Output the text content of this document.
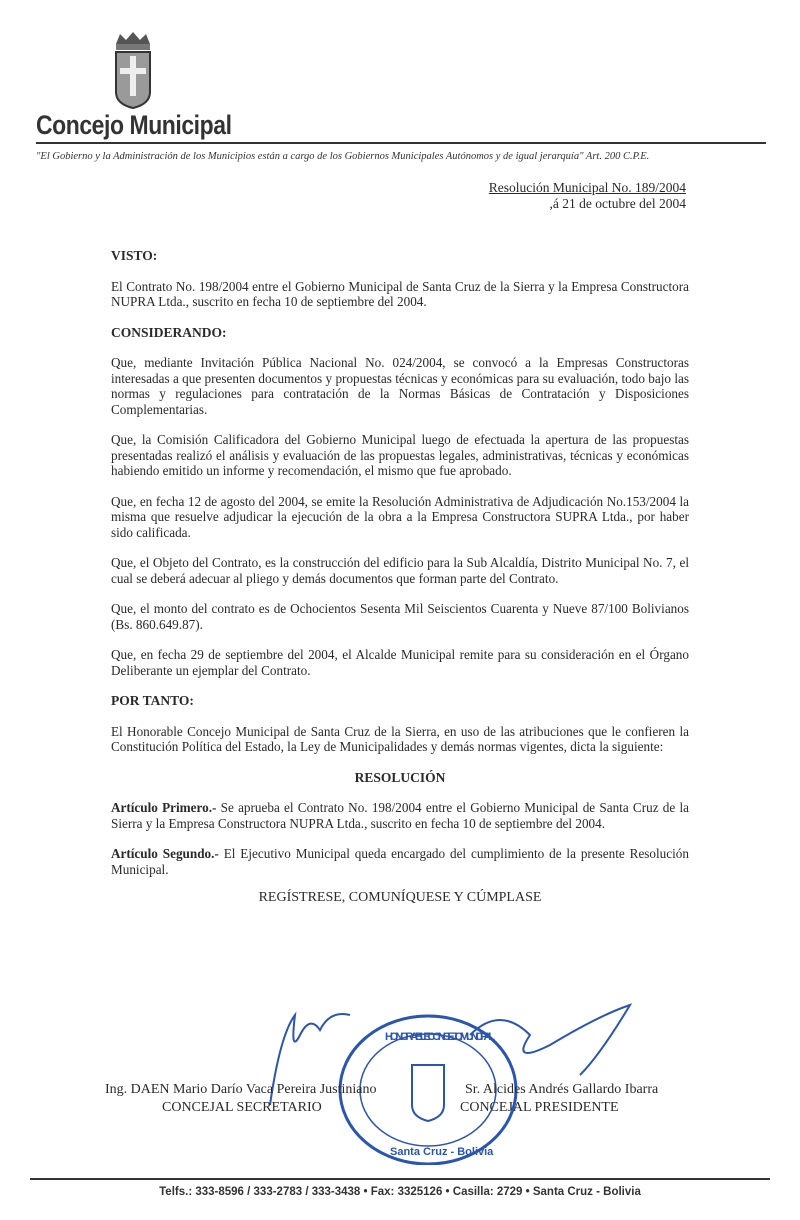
Concejo Municipal
"El Gobierno y la Administración de los Municipios están a cargo de los Gobiernos Municipales Autónomos y de igual jerarquía" Art. 200 C.P.E.
Resolución Municipal No. 189/2004
,á 21 de octubre del 2004

VISTO:

El Contrato No. 198/2004 entre el Gobierno Municipal de Santa Cruz de la Sierra y la Empresa Constructora NUPRA Ltda., suscrito en fecha 10 de septiembre del 2004.

CONSIDERANDO:

Que, mediante Invitación Pública Nacional No. 024/2004, se convocó a la Empresas Constructoras interesadas a que presenten documentos y propuestas técnicas y económicas para su evaluación, todo bajo las normas y regulaciones para contratación de la Normas Básicas de Contratación y Disposiciones Complementarias.

Que, la Comisión Calificadora del Gobierno Municipal luego de efectuada la apertura de las propuestas presentadas realizó el análisis y evaluación de las propuestas legales, administrativas, técnicas y económicas habiendo emitido un informe y recomendación, el mismo que fue aprobado.

Que, en fecha 12 de agosto del 2004, se emite la Resolución Administrativa de Adjudicación No.153/2004 la misma que resuelve adjudicar la ejecución de la obra a la Empresa Constructora SUPRA Ltda., por haber sido calificada.

Que, el Objeto del Contrato, es la construcción del edificio para la Sub Alcaldía, Distrito Municipal No. 7, el cual se deberá adecuar al pliego y demás documentos que forman parte del Contrato.

Que, el monto del contrato es de Ochocientos Sesenta Mil Seiscientos Cuarenta y Nueve 87/100 Bolivianos (Bs. 860.649.87).

Que, en fecha 29 de septiembre del 2004, el Alcalde Municipal remite para su consideración en el Órgano Deliberante un ejemplar del Contrato.

POR TANTO:

El Honorable Concejo Municipal de Santa Cruz de la Sierra, en uso de las atribuciones que le confieren la Constitución Política del Estado, la Ley de Municipalidades y demás normas vigentes, dicta la siguiente:

RESOLUCIÓN

Artículo Primero.- Se aprueba el Contrato No. 198/2004 entre el Gobierno Municipal de Santa Cruz de la Sierra y la Empresa Constructora NUPRA Ltda., suscrito en fecha 10 de septiembre del 2004.

Artículo Segundo.- El Ejecutivo Municipal queda encargado del cumplimiento de la presente Resolución Municipal.

REGÍSTRESE, COMUNÍQUESE Y CÚMPLASE

HONORABLE CONCEJO MUNICIPAL
Santa Cruz - Bolivia
Ing. DAEN Mario Darío Vaca Pereira Justiniano
CONCEJAL SECRETARIO
Sr. Alcides Andrés Gallardo Ibarra
CONCEJAL PRESIDENTE
Telfs.: 333-8596 / 333-2783 / 333-3438 • Fax: 3325126 • Casilla: 2729 • Santa Cruz - Bolivia
